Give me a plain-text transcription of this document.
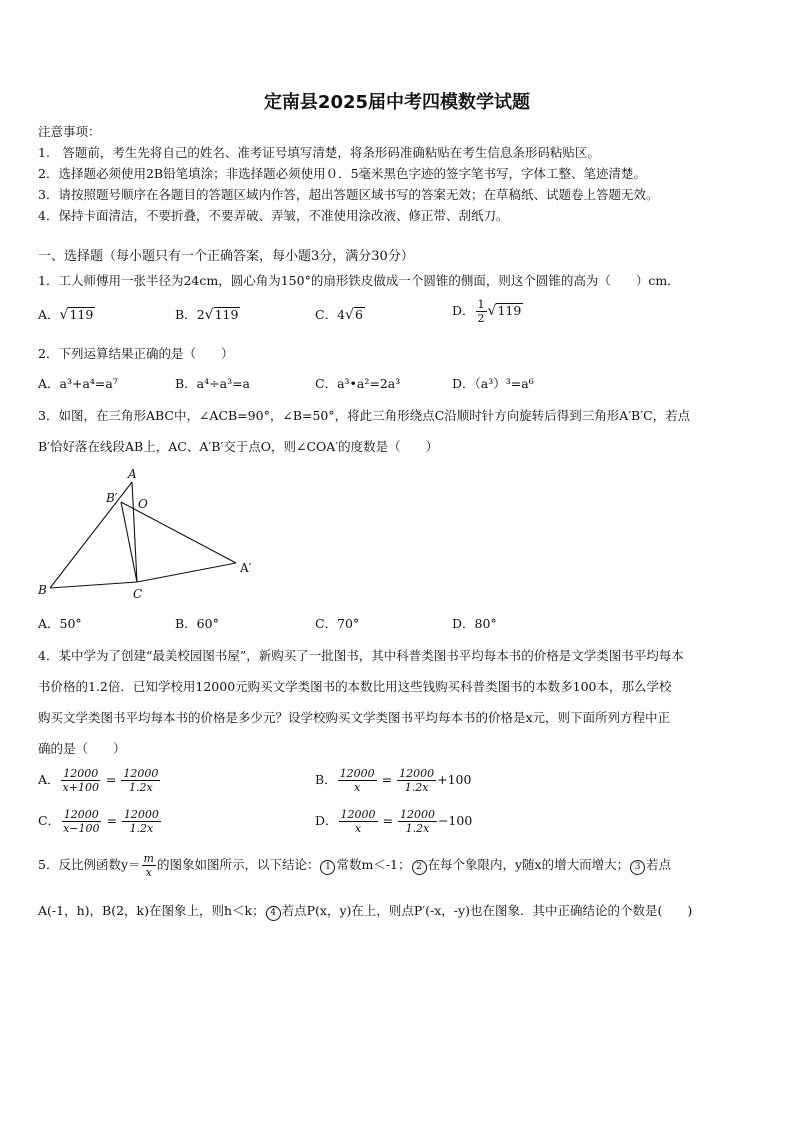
定南县2025届中考四模数学试题
注意事项：
1.　答题前，考生先将自己的姓名、准考证号填写清楚，将条形码准确粘贴在考生信息条形码粘贴区。
2．选择题必须使用2B铅笔填涂；非选择题必须使用０．5毫米黑色字迹的签字笔书写，字体工整、笔迹清楚。
3．请按照题号顺序在各题目的答题区域内作答，超出答题区域书写的答案无效；在草稿纸、试题卷上答题无效。
4．保持卡面清洁，不要折叠，不要弄破、弄皱，不准使用涂改液、修正带、刮纸刀。
一、选择题（每小题只有一个正确答案，每小题3分，满分30分）
1．工人师傅用一张半径为24cm，圆心角为150°的扇形铁皮做成一个圆锥的侧面，则这个圆锥的高为（　　）cm．
A．√119	B．2√119	C．4√6	D． $\frac{1}{2} √119$
2．下列运算结果正确的是（　　）
A．a³+a⁴=a⁷	B．a⁴÷a³=a	C．a³•a²=2a³	D．（a³）³=a⁶
3．如图，在三角形ABC中，∠ACB=90°，∠B=50°，将此三角形绕点C沿顺时针方向旋转后得到三角形A′B′C，若点
B′恰好落在线段AB上，AC、A′B′交于点O，则∠COA′的度数是（　　）
A
B′ O
A′
B	C
A．50°	B．60°	C．70°	D．80°
4．某中学为了创建“最美校园图书屋”，新购买了一批图书，其中科普类图书平均每本书的价格是文学类图书平均每本
书价格的1.2倍．已知学校用12000元购买文学类图书的本数比用这些钱购买科普类图书的本数多100本，那么学校
购买文学类图书平均每本书的价格是多少元？设学校购买文学类图书平均每本书的价格是x元，则下面所列方程中正
确的是（　　）
A． $\frac{12000}{x+100} = \frac{12000}{1.2x}$	B． $\frac{12000}{x} = \frac{12000}{1.2x} +100$
C． $\frac{12000}{x-100} = \frac{12000}{1.2x}$	D． $\frac{12000}{x} = \frac{12000}{1.2x} -100$
5．反比例函数$y= \frac{m}{x}$ 的图象如图所示，以下结论： 1 常数m＜-1； 2 在每个象限内，y随x的增大而增大； 3 若点
A(-1，h)，B(2，k)在图象上，则h＜k； 4 若点P(x，y)在上，则点P′(-x，-y)也在图象．其中正确结论的个数是(　　)
